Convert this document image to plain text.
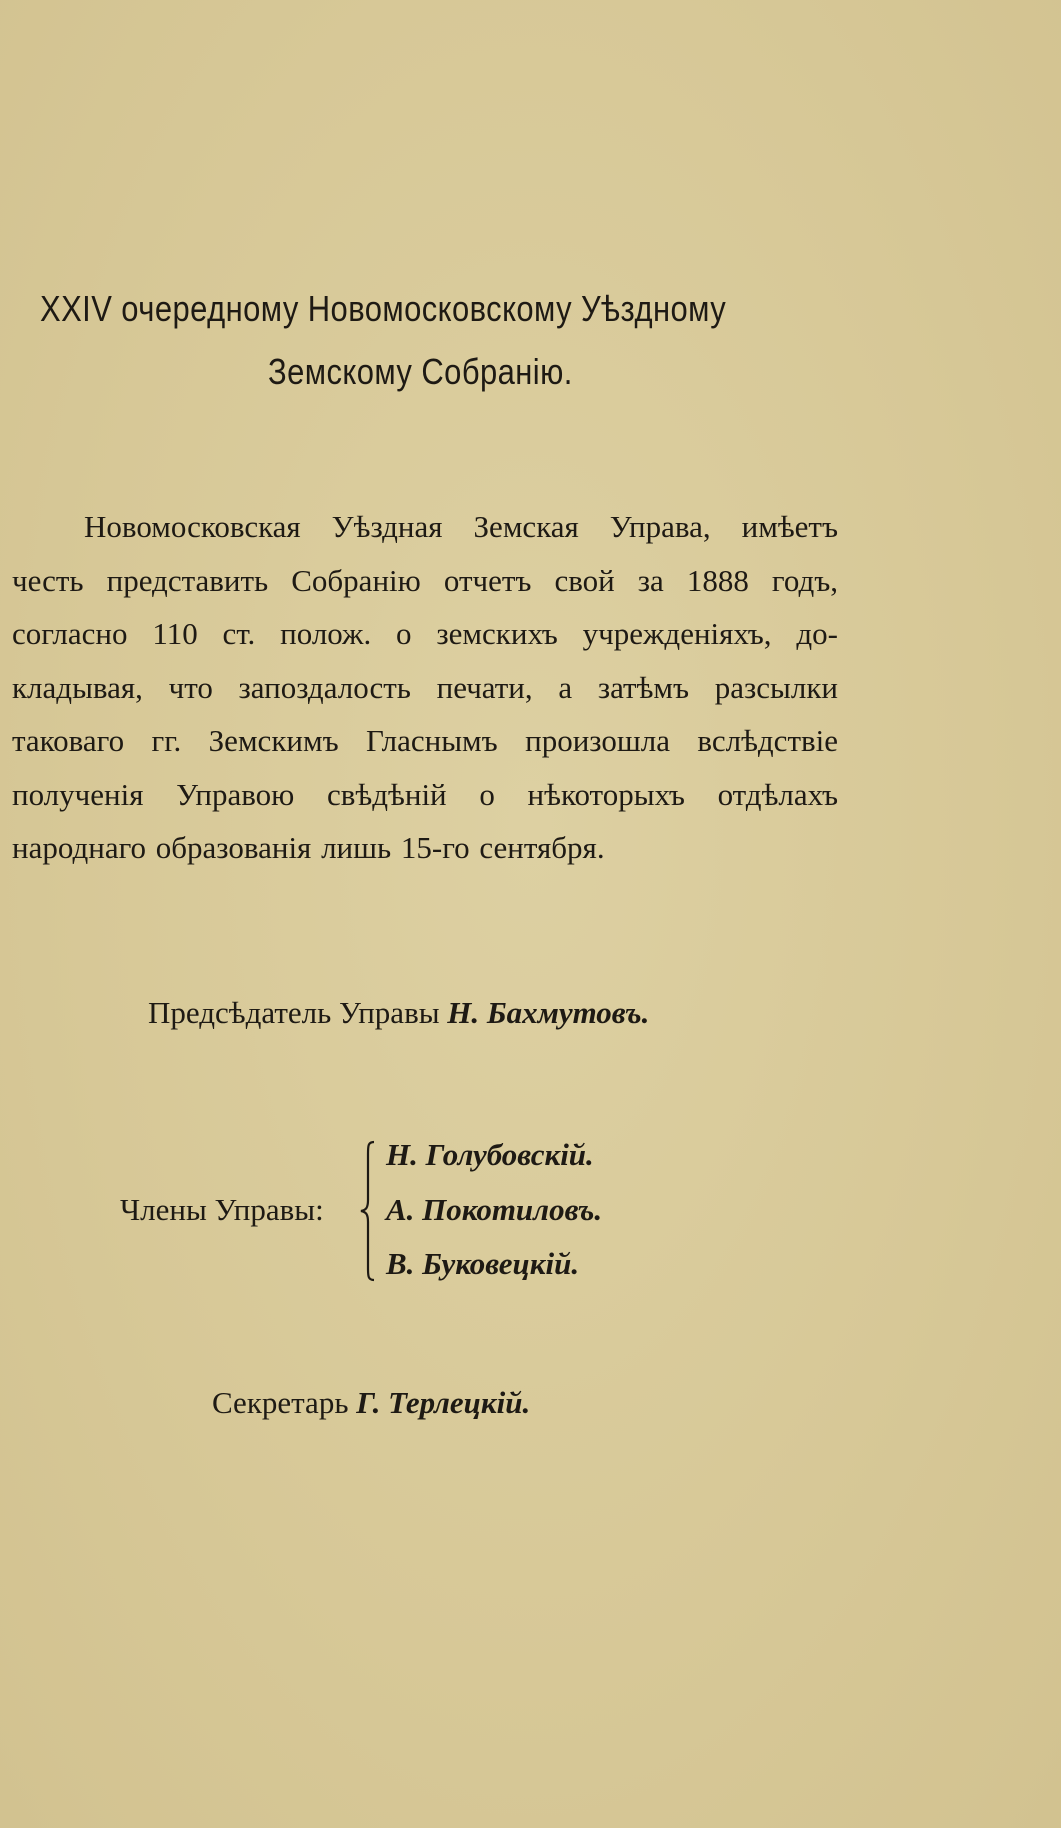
XXIV очередному Новомосковскому Уѣздному
Земскому Собранію.
Новомосковская Уѣздная Земская Управа, имѣетъ
честь представить Собранію отчетъ свой за 1888 годъ,
согласно 110 ст. полож. о земскихъ учрежденіяхъ, до-
кладывая, что запоздалость печати, а затѣмъ разсылки
таковаго гг. Земскимъ Гласнымъ произошла вслѣдствіе
полученія Управою свѣдѣній о нѣкоторыхъ отдѣлахъ
народнаго образованія лишь 15-го сентября.
Предсѣдатель Управы Н. Бахмутовъ.
Члены Управы:
Н. Голубовскій.
А. Покотиловъ.
В. Буковецкій.
Секретарь Г. Терлецкій.
